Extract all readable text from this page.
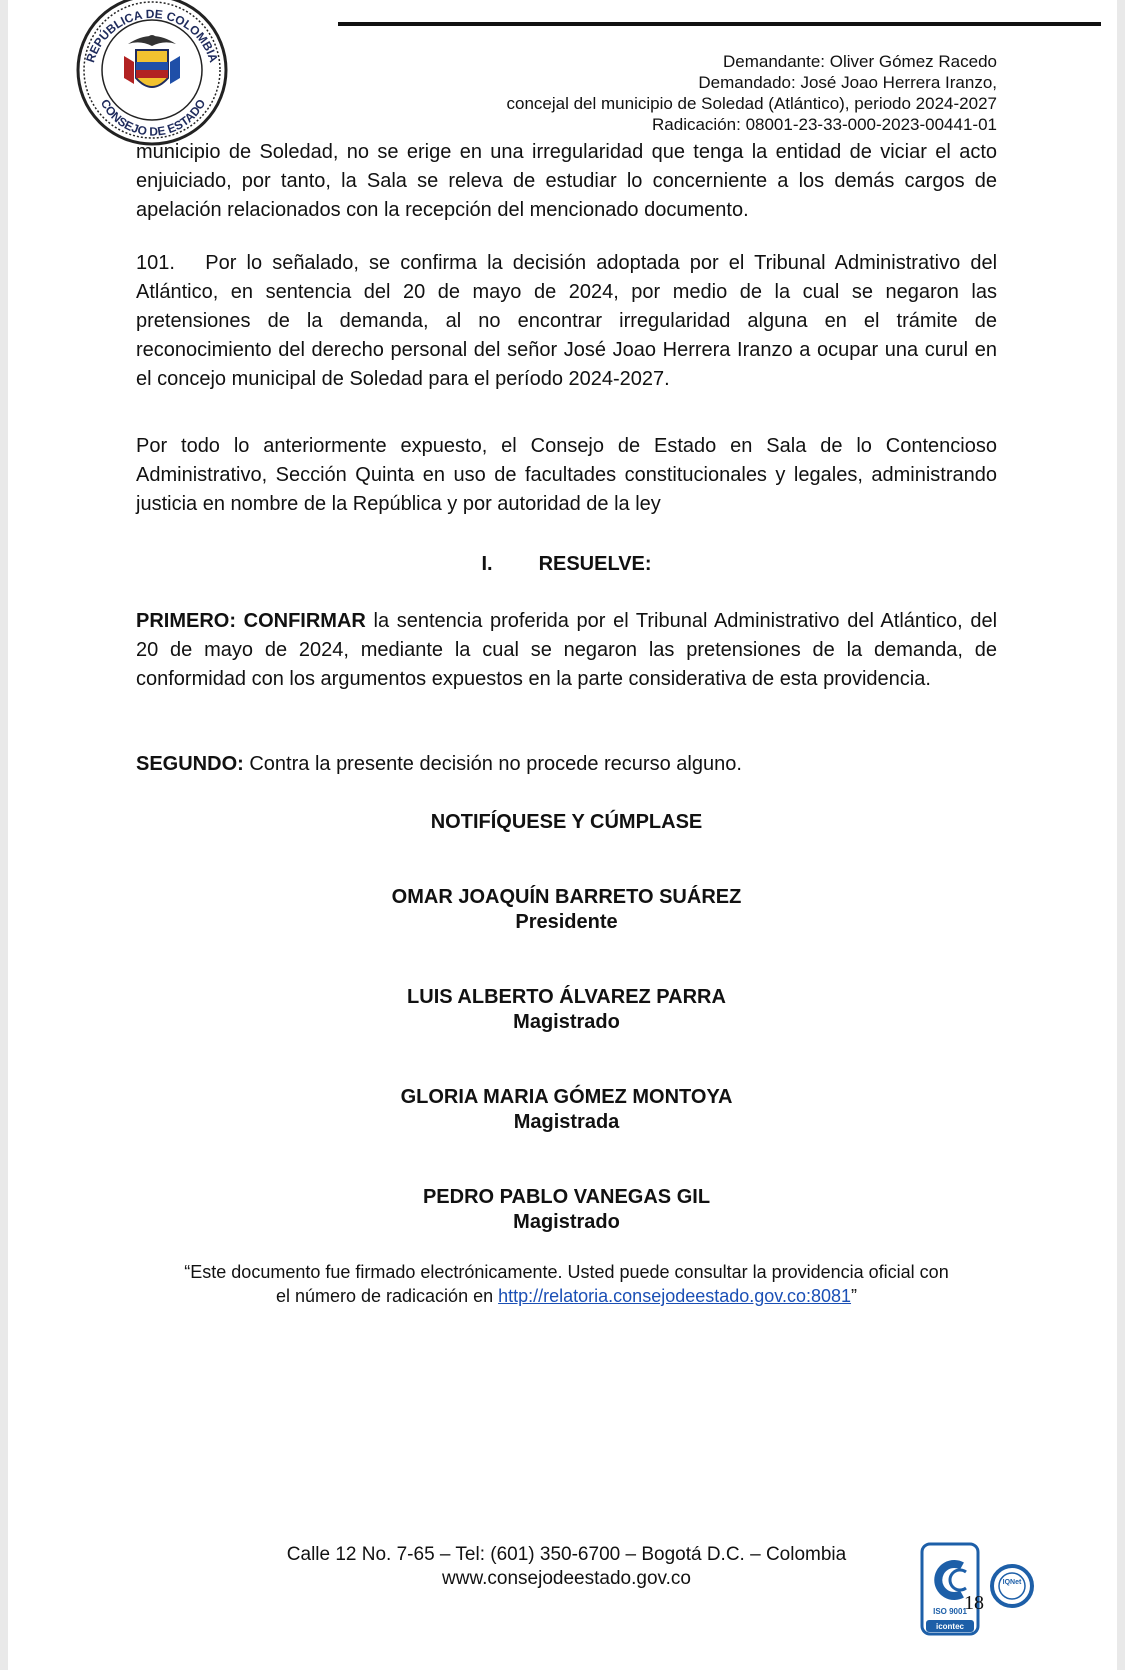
REPÚBLICA DE COLOMBIA
CONSEJO DE ESTADO
Demandante: Oliver Gómez Racedo
Demandado: José Joao Herrera Iranzo,
concejal del municipio de Soledad (Atlántico), periodo 2024-2027
Radicación: 08001-23-33-000-2023-00441-01

municipio de Soledad, no se erige en una irregularidad que tenga la entidad de viciar el acto enjuiciado, por tanto, la Sala se releva de estudiar lo concerniente a los demás cargos de apelación relacionados con la recepción del mencionado documento.

101. Por lo señalado, se confirma la decisión adoptada por el Tribunal Administrativo del Atlántico, en sentencia del 20 de mayo de 2024, por medio de la cual se negaron las pretensiones de la demanda, al no encontrar irregularidad alguna en el trámite de reconocimiento del derecho personal del señor José Joao Herrera Iranzo a ocupar una curul en el concejo municipal de Soledad para el período 2024-2027.

Por todo lo anteriormente expuesto, el Consejo de Estado en Sala de lo Contencioso Administrativo, Sección Quinta en uso de facultades constitucionales y legales, administrando justicia en nombre de la República y por autoridad de la ley

I. RESUELVE:

PRIMERO: CONFIRMAR la sentencia proferida por el Tribunal Administrativo del Atlántico, del 20 de mayo de 2024, mediante la cual se negaron las pretensiones de la demanda, de conformidad con los argumentos expuestos en la parte considerativa de esta providencia.

SEGUNDO: Contra la presente decisión no procede recurso alguno.

NOTIFÍQUESE Y CÚMPLASE
OMAR JOAQUÍN BARRETO SUÁREZ
Presidente
LUIS ALBERTO ÁLVAREZ PARRA
Magistrado
GLORIA MARIA GÓMEZ MONTOYA
Magistrada
PEDRO PABLO VANEGAS GIL
Magistrado
“Este documento fue firmado electrónicamente. Usted puede consultar la providencia oficial con
el número de radicación en http://relatoria.consejodeestado.gov.co:8081”
Calle 12 No. 7-65 – Tel: (601) 350-6700 – Bogotá D.C. – Colombia
www.consejodeestado.gov.co
ISO 9001
icontec
IQNet
18
